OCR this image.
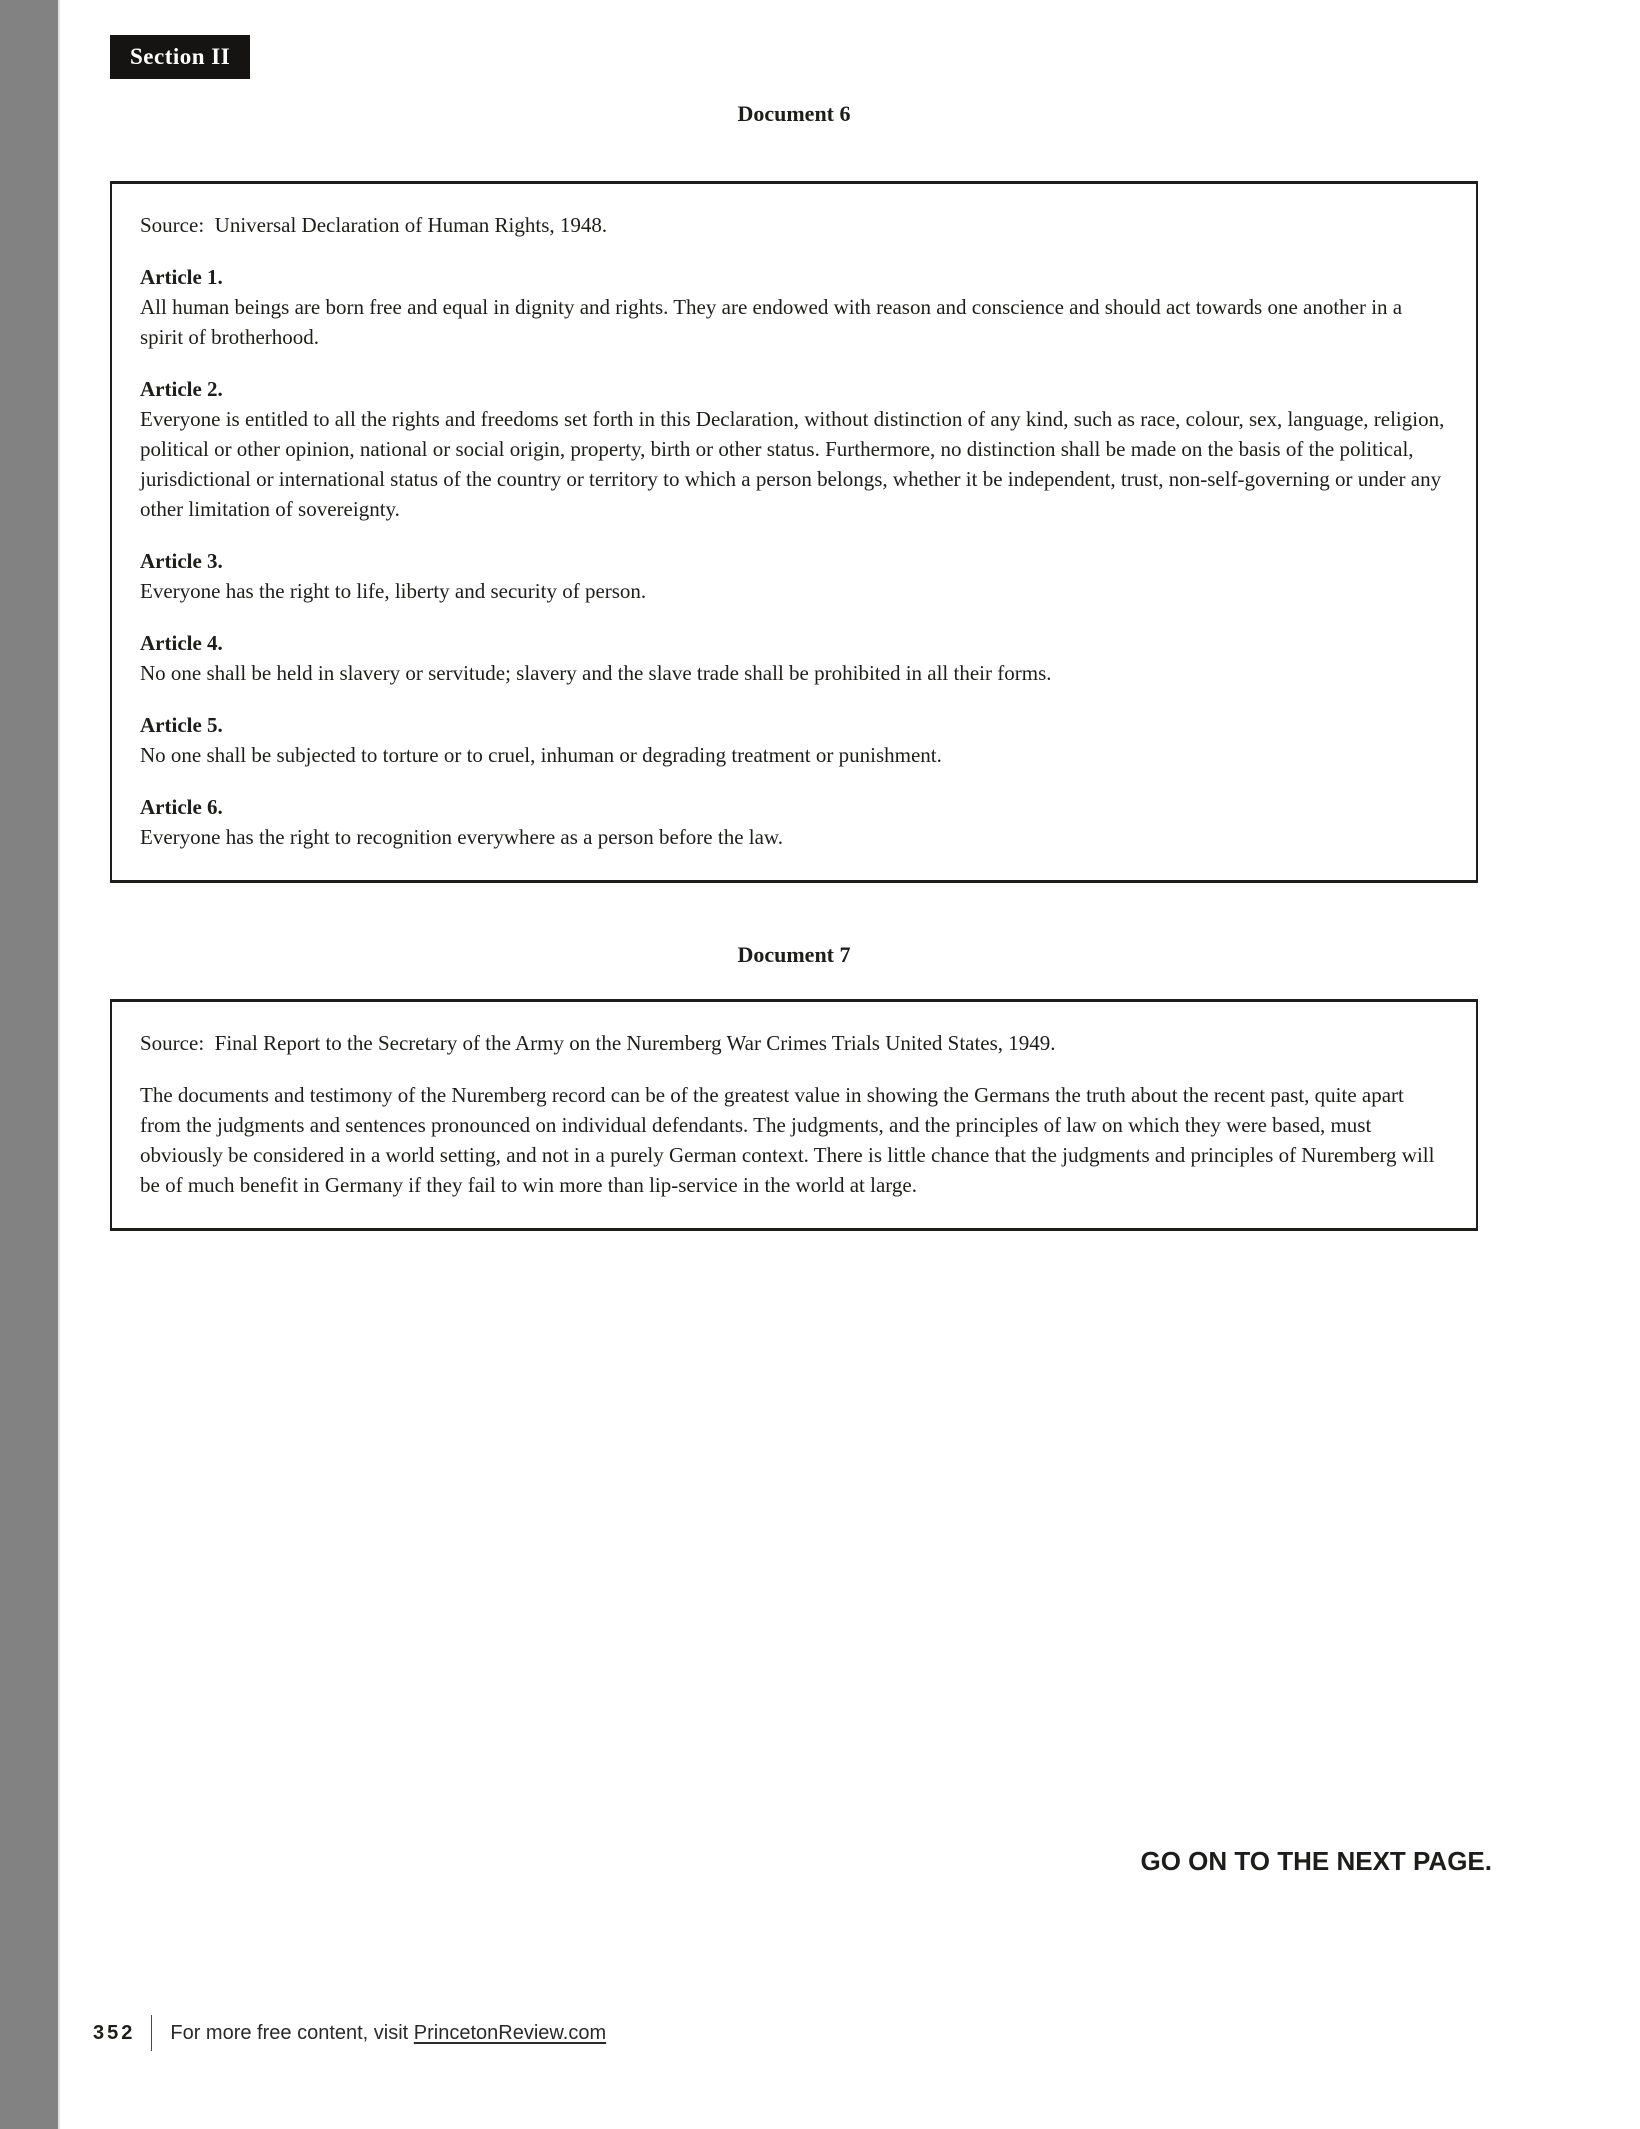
Section II
Document 6

Source:  Universal Declaration of Human Rights, 1948.

Article 1.

All human beings are born free and equal in dignity and rights. They are endowed with reason and conscience and should act towards one another in a spirit of brotherhood.

Article 2.

Everyone is entitled to all the rights and freedoms set forth in this Declaration, without distinction of any kind, such as race, colour, sex, language, religion, political or other opinion, national or social origin, property, birth or other status. Furthermore, no distinction shall be made on the basis of the political, jurisdictional or international status of the country or territory to which a person belongs, whether it be independent, trust, non-self-governing or under any other limitation of sovereignty.

Article 3.

Everyone has the right to life, liberty and security of person.

Article 4.

No one shall be held in slavery or servitude; slavery and the slave trade shall be prohibited in all their forms.

Article 5.

No one shall be subjected to torture or to cruel, inhuman or degrading treatment or punishment.

Article 6.

Everyone has the right to recognition everywhere as a person before the law.

Document 7

Source:  Final Report to the Secretary of the Army on the Nuremberg War Crimes Trials United States, 1949.

The documents and testimony of the Nuremberg record can be of the greatest value in showing the Germans the truth about the recent past, quite apart from the judgments and sentences pronounced on individual defendants. The judgments, and the principles of law on which they were based, must obviously be considered in a world setting, and not in a purely German context. There is little chance that the judgments and principles of Nuremberg will be of much benefit in Germany if they fail to win more than lip-service in the world at large.

GO ON TO THE NEXT PAGE.
352 For more free content, visit PrincetonReview.com
